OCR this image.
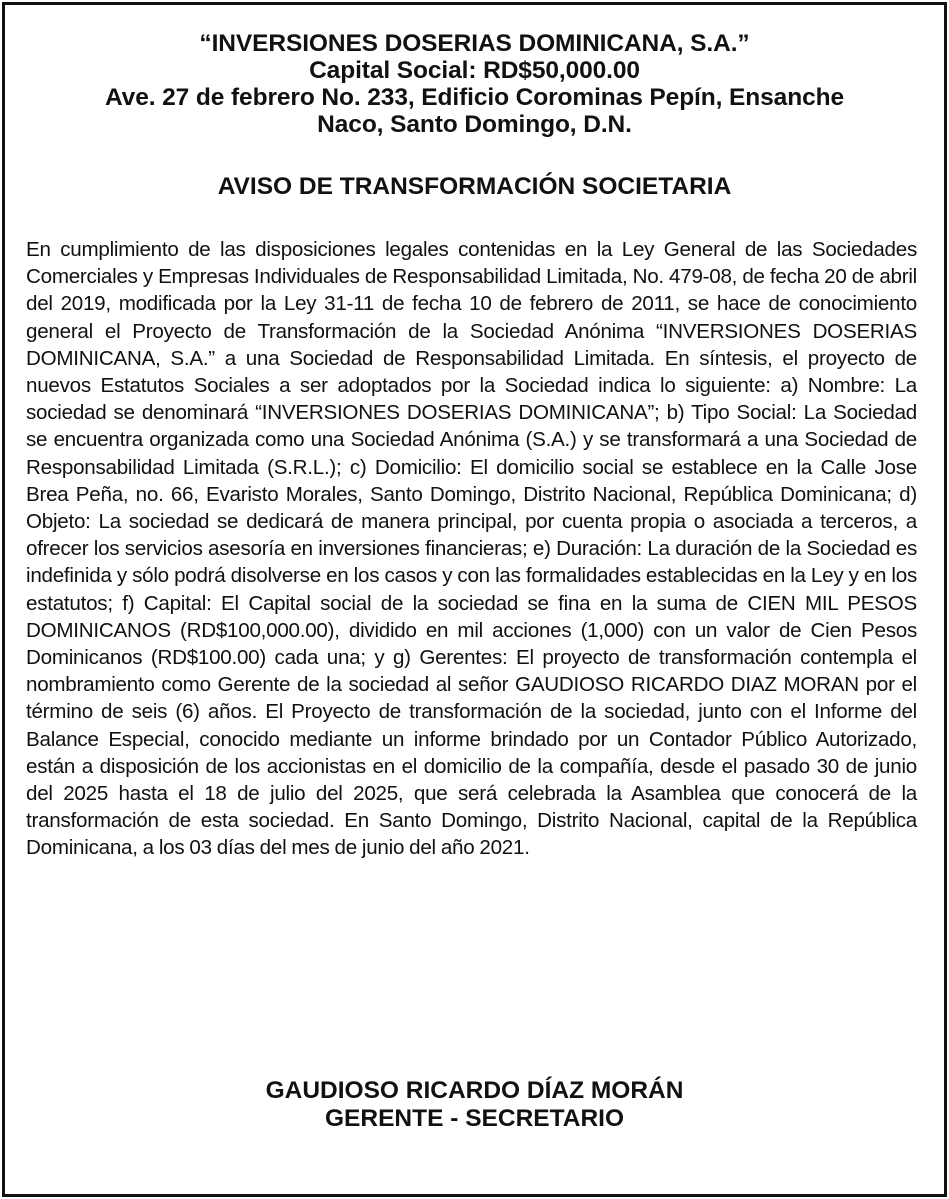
“INVERSIONES DOSERIAS DOMINICANA, S.A.”
Capital Social: RD$50,000.00
Ave. 27 de febrero No. 233, Edificio Corominas Pepín, Ensanche
Naco, Santo Domingo, D.N.
AVISO DE TRANSFORMACIÓN SOCIETARIA

En cumplimiento de las disposiciones legales contenidas en la Ley General de las Sociedades Comerciales y Empresas Individuales de Responsabilidad Limitada, No. 479-08, de fecha 20 de abril del 2019, modificada por la Ley 31-11 de fecha 10 de febrero de 2011, se hace de conocimiento general el Proyecto de Transformación de la Sociedad Anónima “INVERSIONES DOSERIAS DOMINICANA, S.A.” a una Sociedad de Responsabilidad Limitada. En síntesis, el proyecto de nuevos Estatutos Sociales a ser adoptados por la Sociedad indica lo siguiente: a) Nombre: La sociedad se denominará “INVERSIONES DOSERIAS DOMINICANA”; b) Tipo Social: La Sociedad se encuentra organizada como una Sociedad Anónima (S.A.) y se transformará a una Sociedad de Responsabilidad Limitada (S.R.L.); c) Domicilio: El domicilio social se establece en la Calle Jose Brea Peña, no. 66, Evaristo Morales, Santo Domingo, Distrito Nacional, República Dominicana; d) Objeto: La sociedad se dedicará de manera principal, por cuenta propia o asociada a terceros, a ofrecer los servicios asesoría en inversiones financieras; e) Duración: La duración de la Sociedad es indefinida y sólo podrá disolverse en los casos y con las formalidades establecidas en la Ley y en los estatutos; f) Capital: El Capital social de la sociedad se fina en la suma de CIEN MIL PESOS DOMINICANOS (RD$100,000.00), dividido en mil acciones (1,000) con un valor de Cien Pesos Dominicanos (RD$100.00) cada una; y g) Gerentes: El proyecto de transformación contempla el nombramiento como Gerente de la sociedad al señor GAUDIOSO RICARDO DIAZ MORAN por el término de seis (6) años. El Proyecto de transformación de la sociedad, junto con el Informe del Balance Especial, conocido mediante un informe brindado por un Contador Público Autorizado, están a disposición de los accionistas en el domicilio de la compañía, desde el pasado 30 de junio del 2025 hasta el 18 de julio del 2025, que será celebrada la Asamblea que conocerá de la transformación de esta sociedad. En Santo Domingo, Distrito Nacional, capital de la República Dominicana, a los 03 días del mes de junio del año 2021.

GAUDIOSO RICARDO DÍAZ MORÁN
GERENTE - SECRETARIO
